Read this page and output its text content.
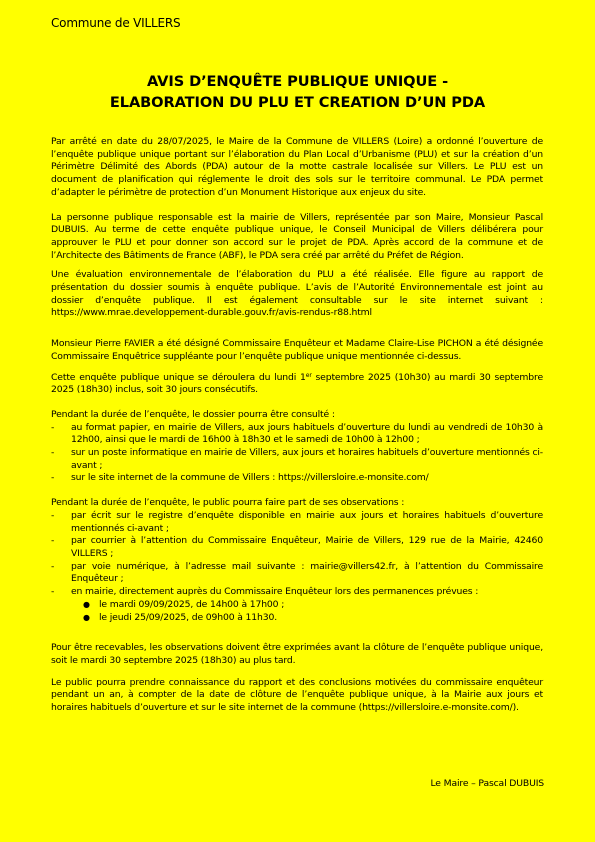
Commune de VILLERS
AVIS D’ENQUÊTE PUBLIQUE UNIQUE -
ELABORATION DU PLU ET CREATION D’UN PDA

Par arrêté en date du 28/07/2025, le Maire de la Commune de VILLERS (Loire) a ordonné l’ouverture de l’enquête publique unique portant sur l’élaboration du Plan Local d’Urbanisme (PLU) et sur la création d’un Périmètre Délimité des Abords (PDA) autour de la motte castrale localisée sur Villers. Le PLU est un document de planification qui réglemente le droit des sols sur le territoire communal. Le PDA permet d’adapter le périmètre de protection d’un Monument Historique aux enjeux du site.

La personne publique responsable est la mairie de Villers, représentée par son Maire, Monsieur Pascal DUBUIS. Au terme de cette enquête publique unique, le Conseil Municipal de Villers délibérera pour approuver le PLU et pour donner son accord sur le projet de PDA. Après accord de la commune et de l’Architecte des Bâtiments de France (ABF), le PDA sera créé par arrêté du Préfet de Région.

Une évaluation environnementale de l’élaboration du PLU a été réalisée. Elle figure au rapport de présentation du dossier soumis à enquête publique. L’avis de l’Autorité Environnementale est joint au dossier d’enquête publique. Il est également consultable sur le site internet suivant : https://www.mrae.developpement-durable.gouv.fr/avis-rendus-r88.html

Monsieur Pierre FAVIER a été désigné Commissaire Enquêteur et Madame Claire-Lise PICHON a été désignée Commissaire Enquêtrice suppléante pour l’enquête publique unique mentionnée ci-dessus.

Cette enquête publique unique se déroulera du lundi 1er septembre 2025 (10h30) au mardi 30 septembre 2025 (18h30) inclus, soit 30 jours consécutifs.

Pendant la durée de l’enquête, le dossier pourra être consulté :

- au format papier, en mairie de Villers, aux jours habituels d’ouverture du lundi au vendredi de 10h30 à 12h00, ainsi que le mardi de 16h00 à 18h30 et le samedi de 10h00 à 12h00 ;
- sur un poste informatique en mairie de Villers, aux jours et horaires habituels d’ouverture mentionnés ci-avant ;
- sur le site internet de la commune de Villers : https://villersloire.e-monsite.com/

Pendant la durée de l’enquête, le public pourra faire part de ses observations :

- par écrit sur le registre d’enquête disponible en mairie aux jours et horaires habituels d’ouverture mentionnés ci-avant ;
- par courrier à l’attention du Commissaire Enquêteur, Mairie de Villers, 129 rue de la Mairie, 42460 VILLERS ;
- par voie numérique, à l’adresse mail suivante : mairie@villers42.fr, à l’attention du Commissaire Enquêteur ;
- en mairie, directement auprès du Commissaire Enquêteur lors des permanences prévues :
● le mardi 09/09/2025, de 14h00 à 17h00 ;
● le jeudi 25/09/2025, de 09h00 à 11h30.

Pour être recevables, les observations doivent être exprimées avant la clôture de l’enquête publique unique, soit le mardi 30 septembre 2025 (18h30) au plus tard.

Le public pourra prendre connaissance du rapport et des conclusions motivées du commissaire enquêteur pendant un an, à compter de la date de clôture de l’enquête publique unique, à la Mairie aux jours et horaires habituels d’ouverture et sur le site internet de la commune (https://villersloire.e-monsite.com/).

Le Maire – Pascal DUBUIS
